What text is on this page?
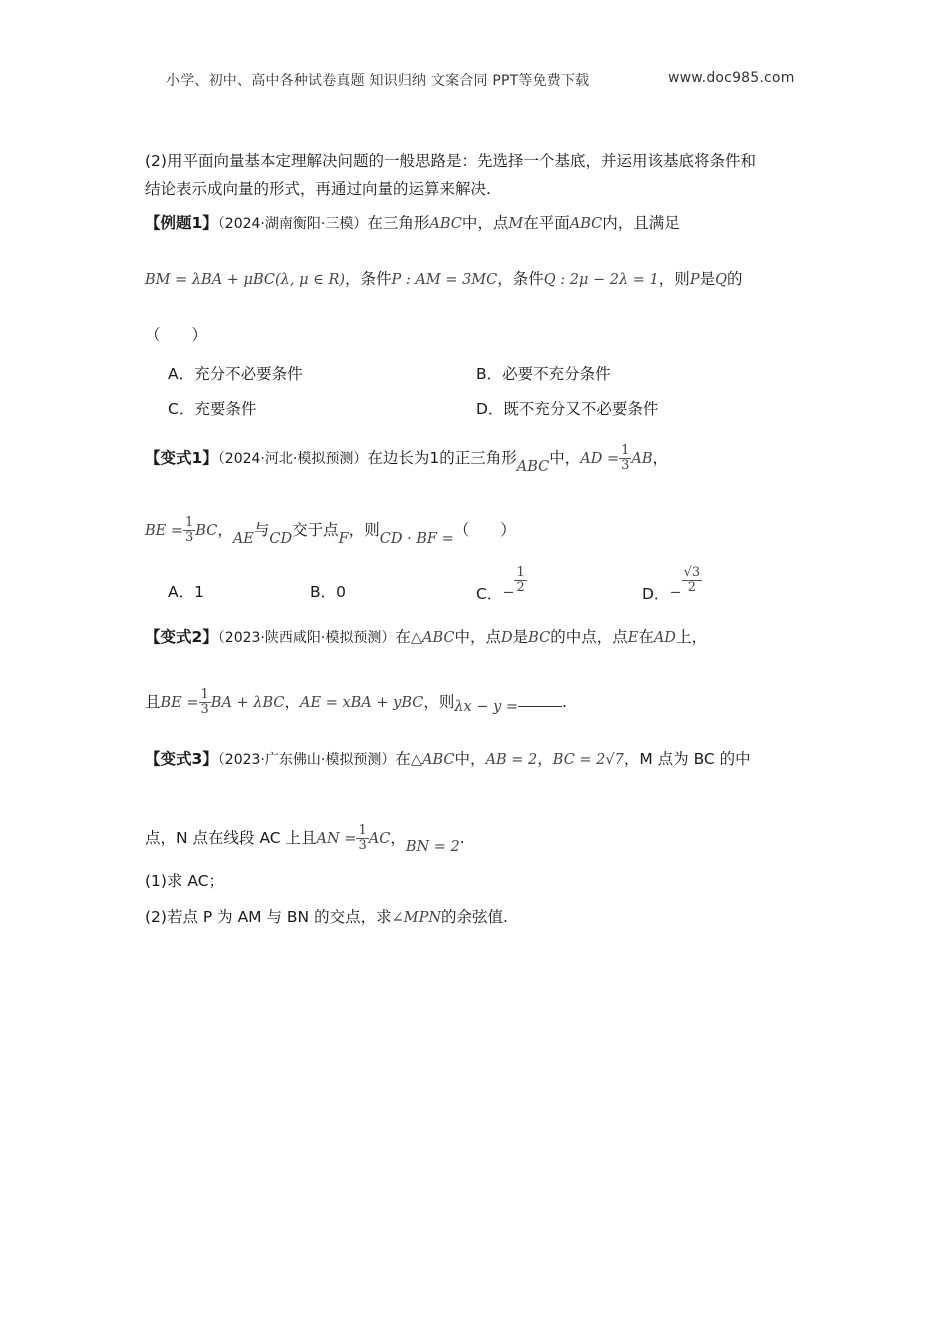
小学、初中、高中各种试卷真题 知识归纳 文案合同 PPT等免费下载	www.doc985.com
(2)用平面向量基本定理解决问题的一般思路是：先选择一个基底，并运用该基底将条件和
结论表示成向量的形式，再通过向量的运算来解决.
【例题1】（2024·湖南衡阳·三模）在三角形ABC中，点M在平面ABC内，且满足
BM = λBA + μBC(λ, μ ∈ R)，条件P : AM = 3MC，条件Q : 2μ − 2λ = 1，则P是Q的
（　　）
A．充分不必要条件	B．必要不充分条件
C．充要条件	D．既不充分又不必要条件
【变式1】（2024·河北·模拟预测）在边长为1的正三角形ABC中，AD = $\frac{1}{3}$ AB，
BE = $\frac{1}{3}$ BC，AE与CD交于点F，则CD · BF =（　　）
A．1	B．0	C．− $\frac{1}{2}$	D．− $\frac{√3}{2}$
【变式2】（2023·陕西咸阳·模拟预测）在△ABC中，点D是BC的中点，点E在AD上，
且BE = $\frac{1}{3}$ BA + λBC，AE = xBA + yBC，则λx − y =	.
【变式3】（2023·广东佛山·模拟预测）在△ABC中，AB = 2，BC = 2√7，M 点为 BC 的中
点，N 点在线段 AC 上且AN = $\frac{1}{3}$ AC，BN = 2.
(1)求 AC；
(2)若点 P 为 AM 与 BN 的交点，求∠MPN的余弦值.
